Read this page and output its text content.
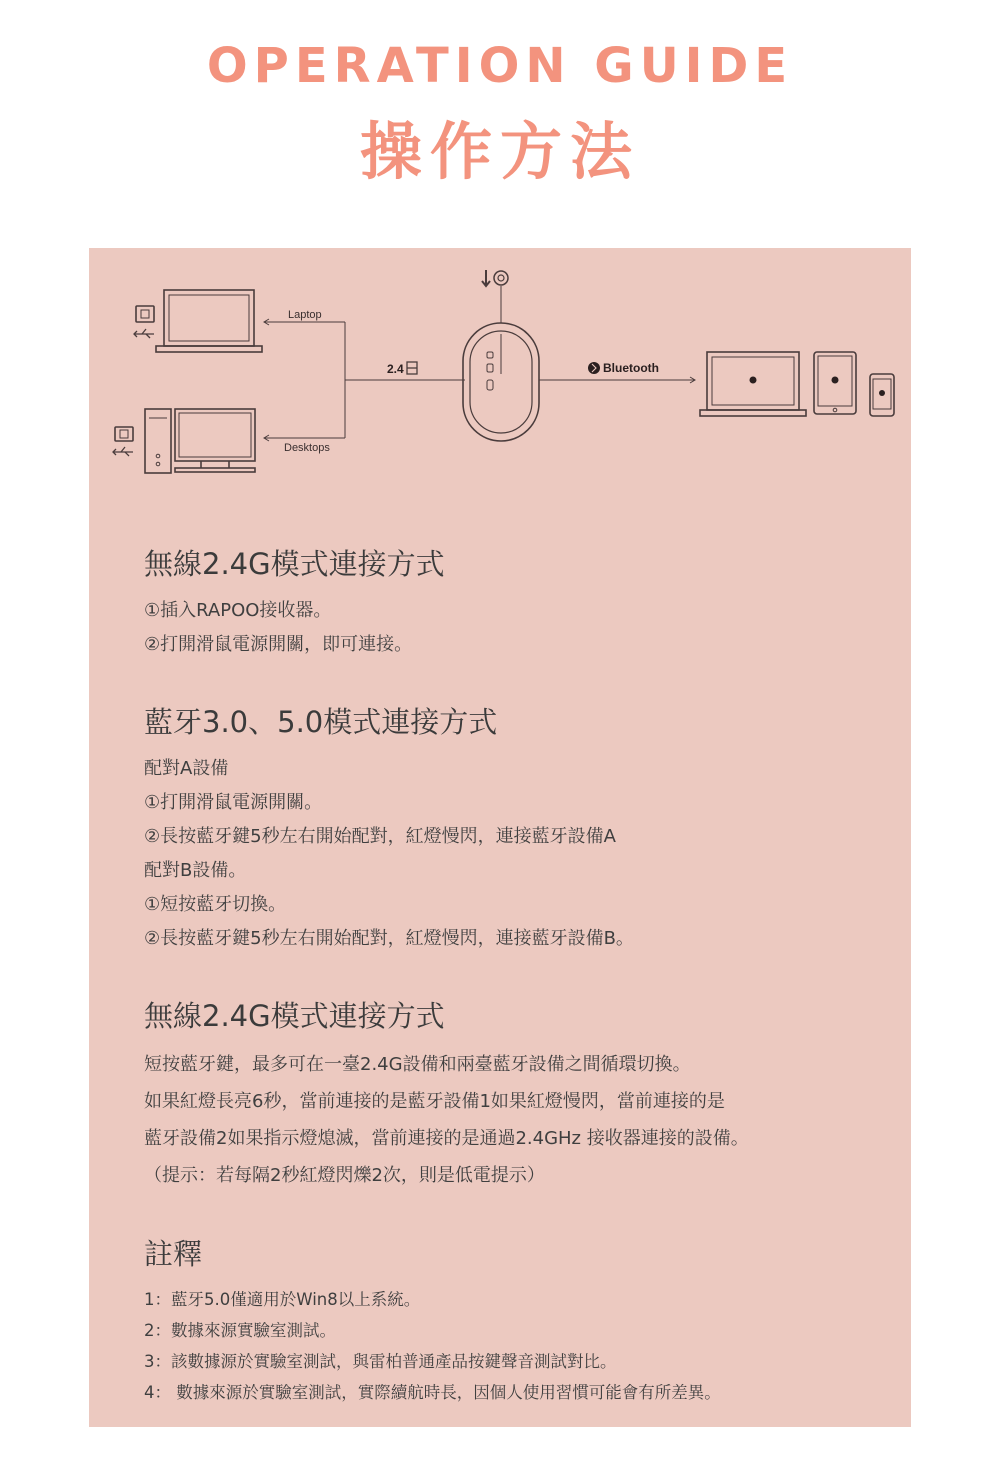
OPERATION GUIDE
操作方法
Laptop
Desktops
2.4	Bluetooth
無線2.4G模式連接方式
①插入RAPOO接收器。
②打開滑鼠電源開關，即可連接。
藍牙3.0、5.0模式連接方式
配對A設備
①打開滑鼠電源開關。
②長按藍牙鍵5秒左右開始配對，紅燈慢閃，連接藍牙設備A
配對B設備。
①短按藍牙切換。
②長按藍牙鍵5秒左右開始配對，紅燈慢閃，連接藍牙設備B。
無線2.4G模式連接方式
短按藍牙鍵，最多可在一臺2.4G設備和兩臺藍牙設備之間循環切換。
如果紅燈長亮6秒，當前連接的是藍牙設備1如果紅燈慢閃，當前連接的是
藍牙設備2如果指示燈熄滅，當前連接的是通過2.4GHz 接收器連接的設備。
（提示：若每隔2秒紅燈閃爍2次，則是低電提示）
註釋
1：藍牙5.0僅適用於Win8以上系統。
2：數據來源實驗室測試。
3：該數據源於實驗室測試，與雷柏普通產品按鍵聲音測試對比。
4： 數據來源於實驗室測試，實際續航時長，因個人使用習慣可能會有所差異。
